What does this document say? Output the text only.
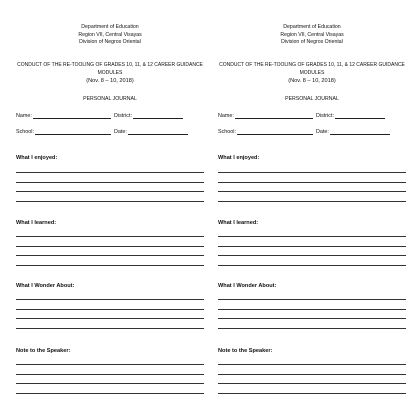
Department of Education
Region VII, Central Visayas
Division of Negros Oriental
CONDUCT OF THE RE-TOOLING OF GRADES 10, 11, & 12 CAREER GUIDANCE MODULES
(Nov. 8 – 10, 2018)
PERSONAL JOURNAL
Name:	District:
School:	Date:
What I enjoyed:
What I learned:
What I Wonder About:
Note to the Speaker:
Department of Education
Region VII, Central Visayas
Division of Negros Oriental
CONDUCT OF THE RE-TOOLING OF GRADES 10, 11, & 12 CAREER GUIDANCE MODULES
(Nov. 8 – 10, 2018)
PERSONAL JOURNAL
Name:	District:
School:	Date:
What I enjoyed:
What I learned:
What I Wonder About:
Note to the Speaker:
